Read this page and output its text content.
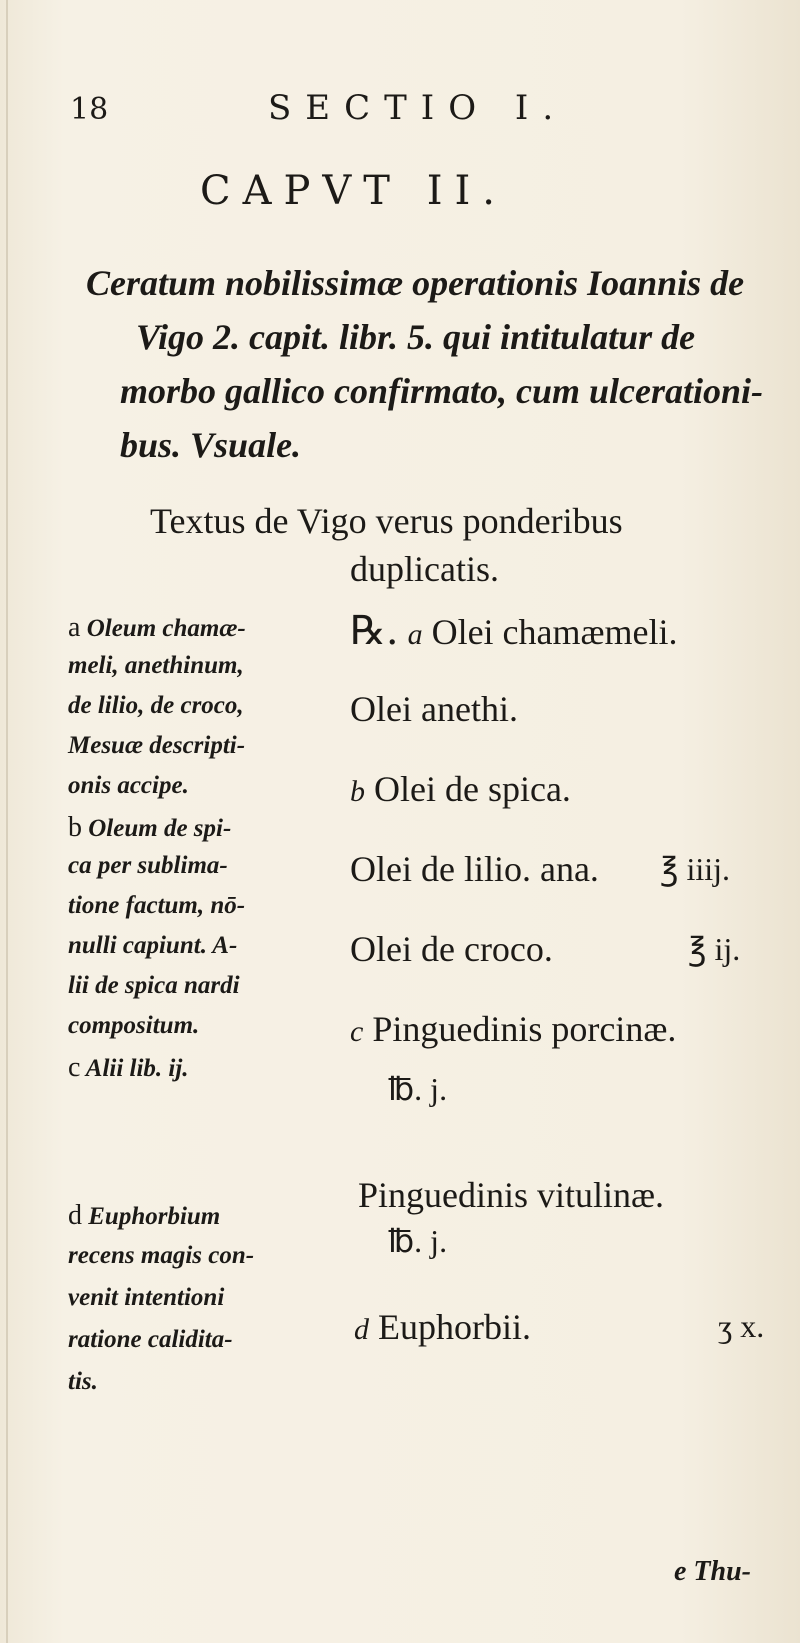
18	SECTIO I.
CAPVT II.
Ceratum nobilissimæ operationis Ioannis de
Vigo 2. capit. libr. 5. qui intitulatur de
morbo gallico confirmato, cum ulcerationi-
bus. Vsuale.
Textus de Vigo verus ponderibus
duplicatis.
a Oleum chamæ-
meli, anethinum,
de lilio, de croco,
Mesuæ descripti-
onis accipe.
b Oleum de spi-
ca per sublima-
tione factum, nō-
nulli capiunt. A-
lii de spica nardi
compositum.
c Alii lib. ij.
d Euphorbium
recens magis con-
venit intentioni
ratione calidita-
tis.
℞. a Olei chamæmeli.
Olei anethi.
b Olei de spica.
Olei de lilio. ana. ℥ iiij.
Olei de croco.	℥ ij.
c Pinguedinis porcinæ.
℔. j.
Pinguedinis vitulinæ.
℔. j.
d Euphorbii.	ʒ x.
e Thu-
